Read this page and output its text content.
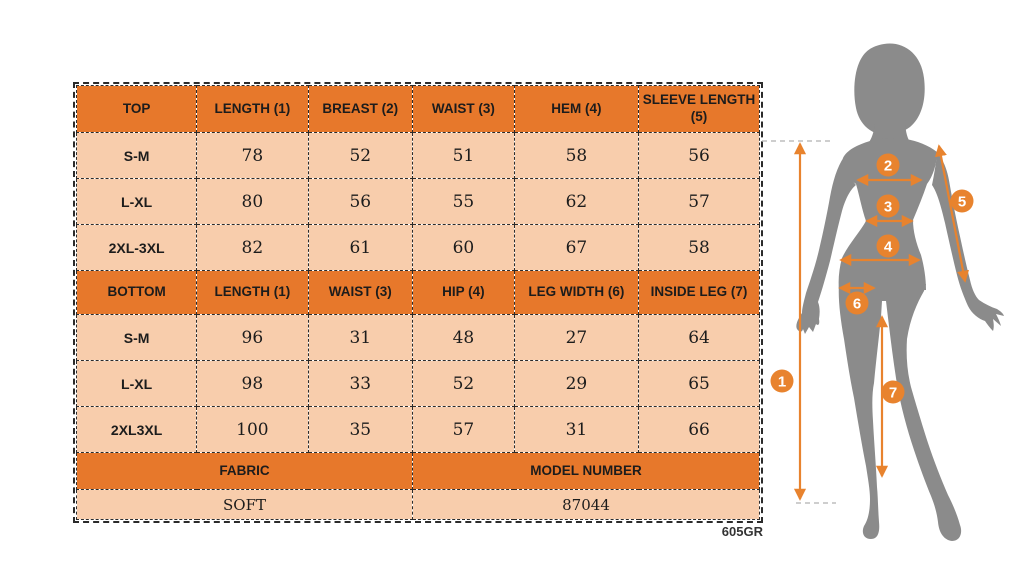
TOP	LENGTH (1)	BREAST (2)	WAIST (3)	HEM (4)	SLEEVE LENGTH (5)
S-M	78	52	51	58	56
L-XL	80	56	55	62	57
2XL-3XL	82	61	60	67	58
BOTTOM	LENGTH (1)	WAIST (3)	HIP (4)	LEG WIDTH (6)	INSIDE LEG (7)
S-M	96	31	48	27	64
L-XL	98	33	52	29	65
2XL3XL	100	35	57	31	66
FABRIC			MODEL NUMBER		
SOFT			87044		
605GR
1
2
3
4
5
6
7
